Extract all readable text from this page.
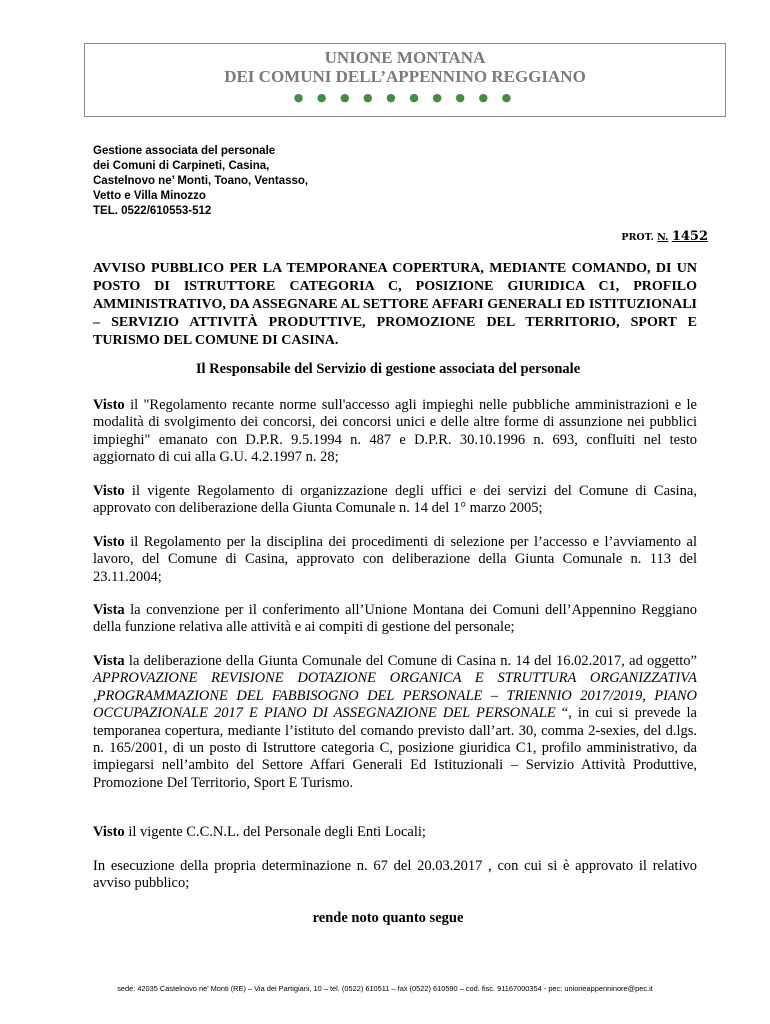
UNIONE MONTANA
DEI COMUNI DELL’APPENNINO REGGIANO
● ● ● ● ● ● ● ● ● ●
Gestione associata del personale
dei Comuni di Carpineti, Casina,
Castelnovo ne’ Monti, Toano, Ventasso,
Vetto e Villa Minozzo
TEL. 0522/610553-512
PROT. N. 1452
AVVISO PUBBLICO PER LA TEMPORANEA COPERTURA, MEDIANTE COMANDO, DI UN POSTO DI ISTRUTTORE CATEGORIA C, POSIZIONE GIURIDICA C1, PROFILO AMMINISTRATIVO, DA ASSEGNARE AL SETTORE AFFARI GENERALI ED ISTITUZIONALI – SERVIZIO ATTIVITÀ PRODUTTIVE, PROMOZIONE DEL TERRITORIO, SPORT E TURISMO DEL COMUNE DI CASINA.
Il Responsabile del Servizio di gestione associata del personale
Visto il "Regolamento recante norme sull'accesso agli impieghi nelle pubbliche amministrazioni e le modalità di svolgimento dei concorsi, dei concorsi unici e delle altre forme di assunzione nei pubblici impieghi" emanato con D.P.R. 9.5.1994 n. 487 e D.P.R. 30.10.1996 n. 693, confluiti nel testo aggiornato di cui alla G.U. 4.2.1997 n. 28;
Visto il vigente Regolamento di organizzazione degli uffici e dei servizi del Comune di Casina, approvato con deliberazione della Giunta Comunale n. 14 del 1° marzo 2005;
Visto il Regolamento per la disciplina dei procedimenti di selezione per l’accesso e l’avviamento al lavoro, del Comune di Casina, approvato con deliberazione della Giunta Comunale n. 113 del 23.11.2004;
Vista la convenzione per il conferimento all’Unione Montana dei Comuni dell’Appennino Reggiano della funzione relativa alle attività e ai compiti di gestione del personale;
Vista la deliberazione della Giunta Comunale del Comune di Casina n. 14 del 16.02.2017, ad oggetto” APPROVAZIONE REVISIONE DOTAZIONE ORGANICA E STRUTTURA ORGANIZZATIVA ,PROGRAMMAZIONE DEL FABBISOGNO DEL PERSONALE – TRIENNIO 2017/2019, PIANO OCCUPAZIONALE 2017 E PIANO DI ASSEGNAZIONE DEL PERSONALE “, in cui si prevede la temporanea copertura, mediante l’istituto del comando previsto dall’art. 30, comma 2-sexies, del d.lgs. n. 165/2001, di un posto di Istruttore categoria C, posizione giuridica C1, profilo amministrativo, da impiegarsi nell’ambito del Settore Affari Generali Ed Istituzionali – Servizio Attività Produttive, Promozione Del Territorio, Sport E Turismo.
Visto il vigente C.C.N.L. del Personale degli Enti Locali;
In esecuzione della propria determinazione n. 67 del 20.03.2017 , con cui si è approvato il relativo avviso pubblico;
rende noto quanto segue
sede: 42035 Castelnovo ne’ Monti (RE) – Via dei Partigiani, 10 – tel. (0522) 610511 – fax (0522) 610590 – cod. fisc. 91167000354 - pec: unioneappenninore@pec.it
